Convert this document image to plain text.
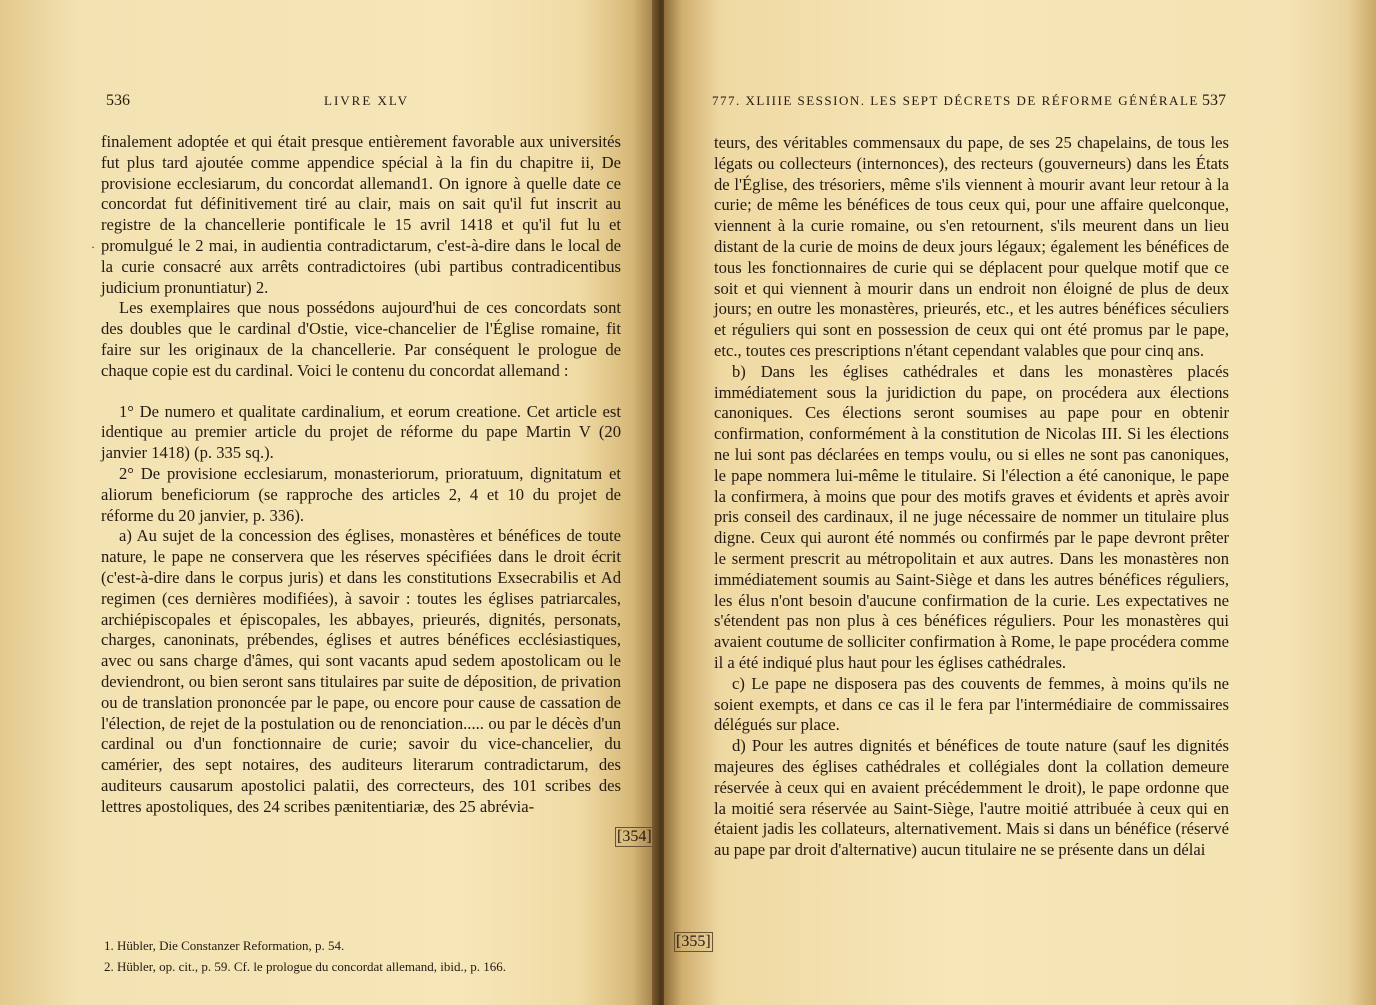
536	LIVRE XLV
·

finalement adoptée et qui était presque entièrement favorable aux universités fut plus tard ajoutée comme appendice spécial à la fin du chapitre ii, De provisione ecclesiarum, du concordat allemand1. On ignore à quelle date ce concordat fut définitivement tiré au clair, mais on sait qu'il fut inscrit au registre de la chancellerie pontificale le 15 avril 1418 et qu'il fut lu et promulgué le 2 mai, in audientia contradictarum, c'est-à-dire dans le local de la curie consacré aux arrêts contradictoires (ubi partibus contradicentibus judicium pronuntiatur) 2.

Les exemplaires que nous possédons aujourd'hui de ces concordats sont des doubles que le cardinal d'Ostie, vice-chancelier de l'Église romaine, fit faire sur les originaux de la chancellerie. Par conséquent le prologue de chaque copie est du cardinal. Voici le contenu du concordat allemand :

1° De numero et qualitate cardinalium, et eorum creatione. Cet article est identique au premier article du projet de réforme du pape Martin V (20 janvier 1418) (p. 335 sq.).

2° De provisione ecclesiarum, monasteriorum, prioratuum, dignitatum et aliorum beneficiorum (se rapproche des articles 2, 4 et 10 du projet de réforme du 20 janvier, p. 336).

a) Au sujet de la concession des églises, monastères et bénéfices de toute nature, le pape ne conservera que les réserves spécifiées dans le droit écrit (c'est-à-dire dans le corpus juris) et dans les constitutions Exsecrabilis et Ad regimen (ces dernières modifiées), à savoir : toutes les églises patriarcales, archiépiscopales et épiscopales, les abbayes, prieurés, dignités, personats, charges, canoninats, prébendes, églises et autres bénéfices ecclésiastiques, avec ou sans charge d'âmes, qui sont vacants apud sedem apostolicam ou le deviendront, ou bien seront sans titulaires par suite de déposition, de privation ou de translation prononcée par le pape, ou encore pour cause de cassation de l'élection, de rejet de la postulation ou de renonciation..... ou par le décès d'un cardinal ou d'un fonctionnaire de curie; savoir du vice-chancelier, du camérier, des sept notaires, des auditeurs literarum contradictarum, des auditeurs causarum apostolici palatii, des correcteurs, des 101 scribes des lettres apostoliques, des 24 scribes pænitentiariæ, des 25 abrévia-

[354]

1. Hübler, Die Constanzer Reformation, p. 54.

2. Hübler, op. cit., p. 59. Cf. le prologue du concordat allemand, ibid., p. 166.

777. XLIIIE SESSION. LES SEPT DÉCRETS DE RÉFORME GÉNÉRALE 537
[355]

teurs, des véritables commensaux du pape, de ses 25 chapelains, de tous les légats ou collecteurs (internonces), des recteurs (gouverneurs) dans les États de l'Église, des trésoriers, même s'ils viennent à mourir avant leur retour à la curie; de même les bénéfices de tous ceux qui, pour une affaire quelconque, viennent à la curie romaine, ou s'en retournent, s'ils meurent dans un lieu distant de la curie de moins de deux jours légaux; également les bénéfices de tous les fonctionnaires de curie qui se déplacent pour quelque motif que ce soit et qui viennent à mourir dans un endroit non éloigné de plus de deux jours; en outre les monastères, prieurés, etc., et les autres bénéfices séculiers et réguliers qui sont en possession de ceux qui ont été promus par le pape, etc., toutes ces prescriptions n'étant cependant valables que pour cinq ans.

b) Dans les églises cathédrales et dans les monastères placés immédiatement sous la juridiction du pape, on procédera aux élections canoniques. Ces élections seront soumises au pape pour en obtenir confirmation, conformément à la constitution de Nicolas III. Si les élections ne lui sont pas déclarées en temps voulu, ou si elles ne sont pas canoniques, le pape nommera lui-même le titulaire. Si l'élection a été canonique, le pape la confirmera, à moins que pour des motifs graves et évidents et après avoir pris conseil des cardinaux, il ne juge nécessaire de nommer un titulaire plus digne. Ceux qui auront été nommés ou confirmés par le pape devront prêter le serment prescrit au métropolitain et aux autres. Dans les monastères non immédiatement soumis au Saint-Siège et dans les autres bénéfices réguliers, les élus n'ont besoin d'aucune confirmation de la curie. Les expectatives ne s'étendent pas non plus à ces bénéfices réguliers. Pour les monastères qui avaient coutume de solliciter confirmation à Rome, le pape procédera comme il a été indiqué plus haut pour les églises cathédrales.

c) Le pape ne disposera pas des couvents de femmes, à moins qu'ils ne soient exempts, et dans ce cas il le fera par l'intermédiaire de commissaires délégués sur place.

d) Pour les autres dignités et bénéfices de toute nature (sauf les dignités majeures des églises cathédrales et collégiales dont la collation demeure réservée à ceux qui en avaient précédemment le droit), le pape ordonne que la moitié sera réservée au Saint-Siège, l'autre moitié attribuée à ceux qui en étaient jadis les collateurs, alternativement. Mais si dans un bénéfice (réservé au pape par droit d'alternative) aucun titulaire ne se présente dans un délai
